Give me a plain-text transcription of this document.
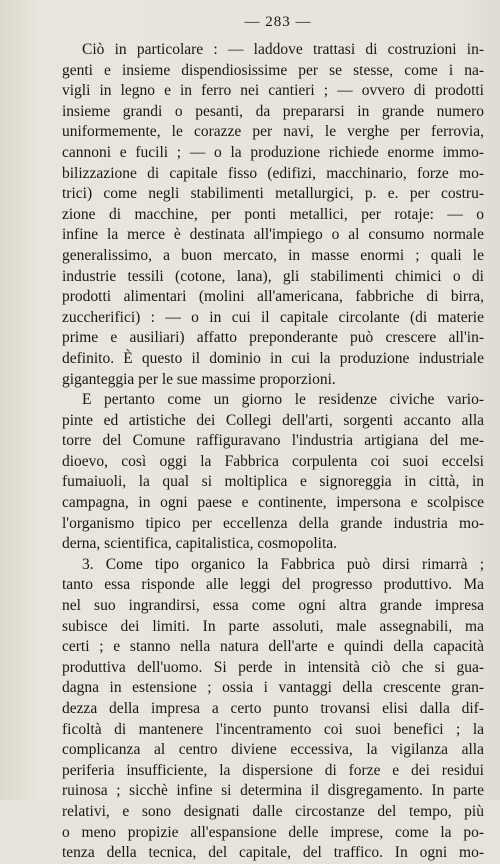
— 283 —
Ciò in particolare : — laddove trattasi di costruzioni in-
genti e insieme dispendiosissime per se stesse, come i na-
vigli in legno e in ferro nei cantieri ; — ovvero di prodotti
insieme grandi o pesanti, da prepararsi in grande numero
uniformemente, le corazze per navi, le verghe per ferrovia,
cannoni e fucili ; — o la produzione richiede enorme immo-
bilizzazione di capitale fisso (edifizi, macchinario, forze mo-
trici) come negli stabilimenti metallurgici, p. e. per costru-
zione di macchine, per ponti metallici, per rotaje: — o
infine la merce è destinata all'impiego o al consumo normale
generalissimo, a buon mercato, in masse enormi ; quali le
industrie tessili (cotone, lana), gli stabilimenti chimici o di
prodotti alimentari (molini all'americana, fabbriche di birra,
zuccherifici) : — o in cui il capitale circolante (di materie
prime e ausiliari) affatto preponderante può crescere all'in-
definito. È questo il dominio in cui la produzione industriale
giganteggia per le sue massime proporzioni.
E pertanto come un giorno le residenze civiche vario-
pinte ed artistiche dei Collegi dell'arti, sorgenti accanto alla
torre del Comune raffiguravano l'industria artigiana del me-
dioevo, così oggi la Fabbrica corpulenta coi suoi eccelsi
fumaiuoli, la qual si moltiplica e signoreggia in città, in
campagna, in ogni paese e continente, impersona e scolpisce
l'organismo tipico per eccellenza della grande industria mo-
derna, scientifica, capitalistica, cosmopolita.
3. Come tipo organico la Fabbrica può dirsi rimarrà ;
tanto essa risponde alle leggi del progresso produttivo. Ma
nel suo ingrandirsi, essa come ogni altra grande impresa
subisce dei limiti. In parte assoluti, male assegnabili, ma
certi ; e stanno nella natura dell'arte e quindi della capacità
produttiva dell'uomo. Si perde in intensità ciò che si gua-
dagna in estensione ; ossia i vantaggi della crescente gran-
dezza della impresa a certo punto trovansi elisi dalla dif-
ficoltà di mantenere l'incentramento coi suoi benefici ; la
complicanza al centro diviene eccessiva, la vigilanza alla
periferia insufficiente, la dispersione di forze e dei residui
ruinosa ; sicchè infine si determina il disgregamento. In parte
relativi, e sono designati dalle circostanze del tempo, più
o meno propizie all'espansione delle imprese, come la po-
tenza della tecnica, del capitale, del traffico. In ogni mo-
